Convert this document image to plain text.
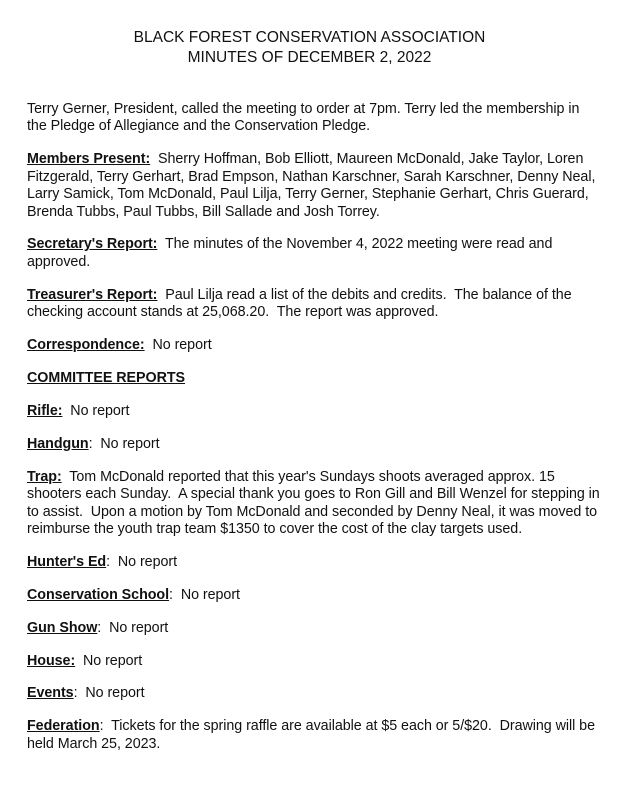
BLACK FOREST CONSERVATION ASSOCIATION
MINUTES OF DECEMBER 2, 2022

Terry Gerner, President, called the meeting to order at 7pm. Terry led the membership in the Pledge of Allegiance and the Conservation Pledge.

Members Present:  Sherry Hoffman, Bob Elliott, Maureen McDonald, Jake Taylor, Loren Fitzgerald, Terry Gerhart, Brad Empson, Nathan Karschner, Sarah Karschner, Denny Neal, Larry Samick, Tom McDonald, Paul Lilja, Terry Gerner, Stephanie Gerhart, Chris Guerard, Brenda Tubbs, Paul Tubbs, Bill Sallade and Josh Torrey.

Secretary's Report:  The minutes of the November 4, 2022 meeting were read and approved.

Treasurer's Report:  Paul Lilja read a list of the debits and credits.  The balance of the checking account stands at 25,068.20.  The report was approved.

Correspondence:  No report

COMMITTEE REPORTS

Rifle:  No report

Handgun:  No report

Trap:  Tom McDonald reported that this year's Sundays shoots averaged approx. 15 shooters each Sunday.  A special thank you goes to Ron Gill and Bill Wenzel for stepping in to assist.  Upon a motion by Tom McDonald and seconded by Denny Neal, it was moved to reimburse the youth trap team $1350 to cover the cost of the clay targets used.

Hunter's Ed:  No report

Conservation School:  No report

Gun Show:  No report

House:  No report

Events:  No report

Federation:  Tickets for the spring raffle are available at $5 each or 5/$20.  Drawing will be held March 25, 2023.
